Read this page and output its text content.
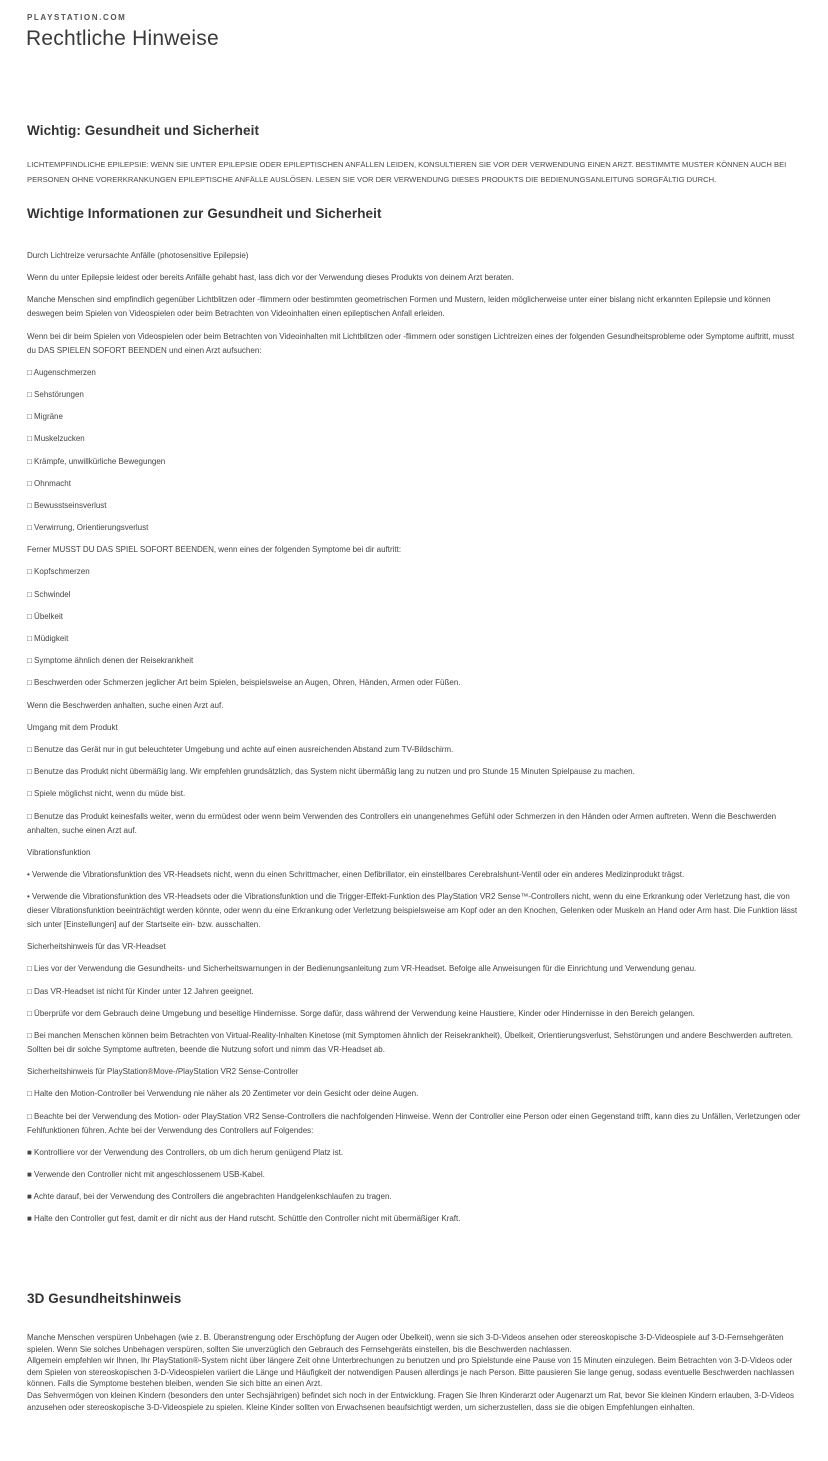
PLAYSTATION.COM
Rechtliche Hinweise
Wichtig: Gesundheit und Sicherheit

LICHTEMPFINDLICHE EPILEPSIE: WENN SIE UNTER EPILEPSIE ODER EPILEPTISCHEN ANFÄLLEN LEIDEN, KONSULTIEREN SIE VOR DER VERWENDUNG EINEN ARZT. BESTIMMTE MUSTER KÖNNEN AUCH BEI PERSONEN OHNE VORERKRANKUNGEN EPILEPTISCHE ANFÄLLE AUSLÖSEN. LESEN SIE VOR DER VERWENDUNG DIESES PRODUKTS DIE BEDIENUNGSANLEITUNG SORGFÄLTIG DURCH.

Wichtige Informationen zur Gesundheit und Sicherheit

Durch Lichtreize verursachte Anfälle (photosensitive Epilepsie)

Wenn du unter Epilepsie leidest oder bereits Anfälle gehabt hast, lass dich vor der Verwendung dieses Produkts von deinem Arzt beraten.

Manche Menschen sind empfindlich gegenüber Lichtblitzen oder -flimmern oder bestimmten geometrischen Formen und Mustern, leiden möglicherweise unter einer bislang nicht erkannten Epilepsie und können deswegen beim Spielen von Videospielen oder beim Betrachten von Videoinhalten einen epileptischen Anfall erleiden.

Wenn bei dir beim Spielen von Videospielen oder beim Betrachten von Videoinhalten mit Lichtblitzen oder -flimmern oder sonstigen Lichtreizen eines der folgenden Gesundheitsprobleme oder Symptome auftritt, musst du DAS SPIELEN SOFORT BEENDEN und einen Arzt aufsuchen:

□ Augenschmerzen

□ Sehstörungen

□ Migräne

□ Muskelzucken

□ Krämpfe, unwillkürliche Bewegungen

□ Ohnmacht

□ Bewusstseinsverlust

□ Verwirrung, Orientierungsverlust

Ferner MUSST DU DAS SPIEL SOFORT BEENDEN, wenn eines der folgenden Symptome bei dir auftritt:

□ Kopfschmerzen

□ Schwindel

□ Übelkeit

□ Müdigkeit

□ Symptome ähnlich denen der Reisekrankheit

□ Beschwerden oder Schmerzen jeglicher Art beim Spielen, beispielsweise an Augen, Ohren, Händen, Armen oder Füßen.

Wenn die Beschwerden anhalten, suche einen Arzt auf.

Umgang mit dem Produkt

□ Benutze das Gerät nur in gut beleuchteter Umgebung und achte auf einen ausreichenden Abstand zum TV-Bildschirm.

□ Benutze das Produkt nicht übermäßig lang. Wir empfehlen grundsätzlich, das System nicht übermäßig lang zu nutzen und pro Stunde 15 Minuten Spielpause zu machen.

□ Spiele möglichst nicht, wenn du müde bist.

□ Benutze das Produkt keinesfalls weiter, wenn du ermüdest oder wenn beim Verwenden des Controllers ein unangenehmes Gefühl oder Schmerzen in den Händen oder Armen auftreten. Wenn die Beschwerden anhalten, suche einen Arzt auf.

Vibrationsfunktion

• Verwende die Vibrationsfunktion des VR-Headsets nicht, wenn du einen Schrittmacher, einen Defibrillator, ein einstellbares Cerebralshunt-Ventil oder ein anderes Medizinprodukt trägst.

• Verwende die Vibrationsfunktion des VR-Headsets oder die Vibrationsfunktion und die Trigger-Effekt-Funktion des PlayStation VR2 Sense™-Controllers nicht, wenn du eine Erkrankung oder Verletzung hast, die von dieser Vibrationsfunktion beeinträchtigt werden könnte, oder wenn du eine Erkrankung oder Verletzung beispielsweise am Kopf oder an den Knochen, Gelenken oder Muskeln an Hand oder Arm hast. Die Funktion lässt sich unter [Einstellungen] auf der Startseite ein- bzw. ausschalten.

Sicherheitshinweis für das VR-Headset

□ Lies vor der Verwendung die Gesundheits- und Sicherheitswarnungen in der Bedienungsanleitung zum VR-Headset. Befolge alle Anweisungen für die Einrichtung und Verwendung genau.

□ Das VR-Headset ist nicht für Kinder unter 12 Jahren geeignet.

□ Überprüfe vor dem Gebrauch deine Umgebung und beseitige Hindernisse. Sorge dafür, dass während der Verwendung keine Haustiere, Kinder oder Hindernisse in den Bereich gelangen.

□ Bei manchen Menschen können beim Betrachten von Virtual-Reality-Inhalten Kinetose (mit Symptomen ähnlich der Reisekrankheit), Übelkeit, Orientierungsverlust, Sehstörungen und andere Beschwerden auftreten. Sollten bei dir solche Symptome auftreten, beende die Nutzung sofort und nimm das VR-Headset ab.

Sicherheitshinweis für PlayStation®Move-/PlayStation VR2 Sense-Controller

□ Halte den Motion-Controller bei Verwendung nie näher als 20 Zentimeter vor dein Gesicht oder deine Augen.

□ Beachte bei der Verwendung des Motion- oder PlayStation VR2 Sense-Controllers die nachfolgenden Hinweise. Wenn der Controller eine Person oder einen Gegenstand trifft, kann dies zu Unfällen, Verletzungen oder Fehlfunktionen führen. Achte bei der Verwendung des Controllers auf Folgendes:

■ Kontrolliere vor der Verwendung des Controllers, ob um dich herum genügend Platz ist.

■ Verwende den Controller nicht mit angeschlossenem USB-Kabel.

■ Achte darauf, bei der Verwendung des Controllers die angebrachten Handgelenkschlaufen zu tragen.

■ Halte den Controller gut fest, damit er dir nicht aus der Hand rutscht. Schüttle den Controller nicht mit übermäßiger Kraft.

3D Gesundheitshinweis

Manche Menschen verspüren Unbehagen (wie z. B. Überanstrengung oder Erschöpfung der Augen oder Übelkeit), wenn sie sich 3-D-Videos ansehen oder stereoskopische 3-D-Videospiele auf 3-D-Fernsehgeräten spielen. Wenn Sie solches Unbehagen verspüren, sollten Sie unverzüglich den Gebrauch des Fernsehgeräts einstellen, bis die Beschwerden nachlassen.

Allgemein empfehlen wir Ihnen, Ihr PlayStation®-System nicht über längere Zeit ohne Unterbrechungen zu benutzen und pro Spielstunde eine Pause von 15 Minuten einzulegen. Beim Betrachten von 3-D-Videos oder dem Spielen von stereoskopischen 3-D-Videospielen variiert die Länge und Häufigkeit der notwendigen Pausen allerdings je nach Person. Bitte pausieren Sie lange genug, sodass eventuelle Beschwerden nachlassen können. Falls die Symptome bestehen bleiben, wenden Sie sich bitte an einen Arzt.

Das Sehvermögen von kleinen Kindern (besonders den unter Sechsjährigen) befindet sich noch in der Entwicklung. Fragen Sie Ihren Kinderarzt oder Augenarzt um Rat, bevor Sie kleinen Kindern erlauben, 3-D-Videos anzusehen oder stereoskopische 3-D-Videospiele zu spielen. Kleine Kinder sollten von Erwachsenen beaufsichtigt werden, um sicherzustellen, dass sie die obigen Empfehlungen einhalten.
